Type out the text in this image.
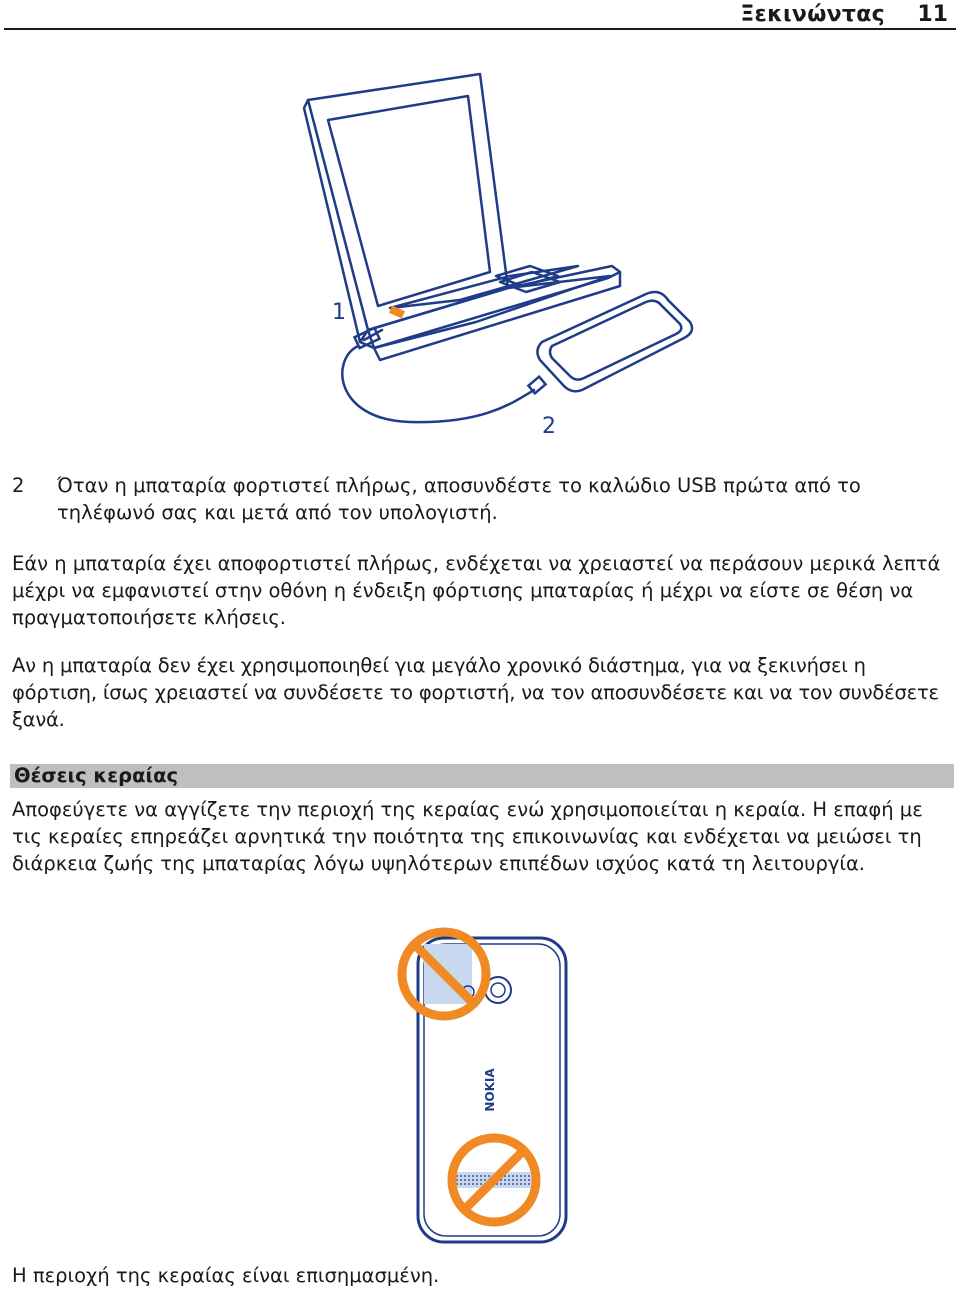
Ξεκινώντας 11
1
2
2 Όταν η μπαταρία φορτιστεί πλήρως, αποσυνδέστε το καλώδιο USB πρώτα από το τηλέφωνό σας και μετά από τον υπολογιστή.
Εάν η μπαταρία έχει αποφορτιστεί πλήρως, ενδέχεται να χρειαστεί να περάσουν μερικά λεπτά μέχρι να εμφανιστεί στην οθόνη η ένδειξη φόρτισης μπαταρίας ή μέχρι να είστε σε θέση να πραγματοποιήσετε κλήσεις.
Αν η μπαταρία δεν έχει χρησιμοποιηθεί για μεγάλο χρονικό διάστημα, για να ξεκινήσει η φόρτιση, ίσως χρειαστεί να συνδέσετε το φορτιστή, να τον αποσυνδέσετε και να τον συνδέσετε ξανά.
Θέσεις κεραίας
Αποφεύγετε να αγγίζετε την περιοχή της κεραίας ενώ χρησιμοποιείται η κεραία. Η επαφή με τις κεραίες επηρεάζει αρνητικά την ποιότητα της επικοινωνίας και ενδέχεται να μειώσει τη διάρκεια ζωής της μπαταρίας λόγω υψηλότερων επιπέδων ισχύος κατά τη λειτουργία.
NOKIA
Η περιοχή της κεραίας είναι επισημασμένη.
